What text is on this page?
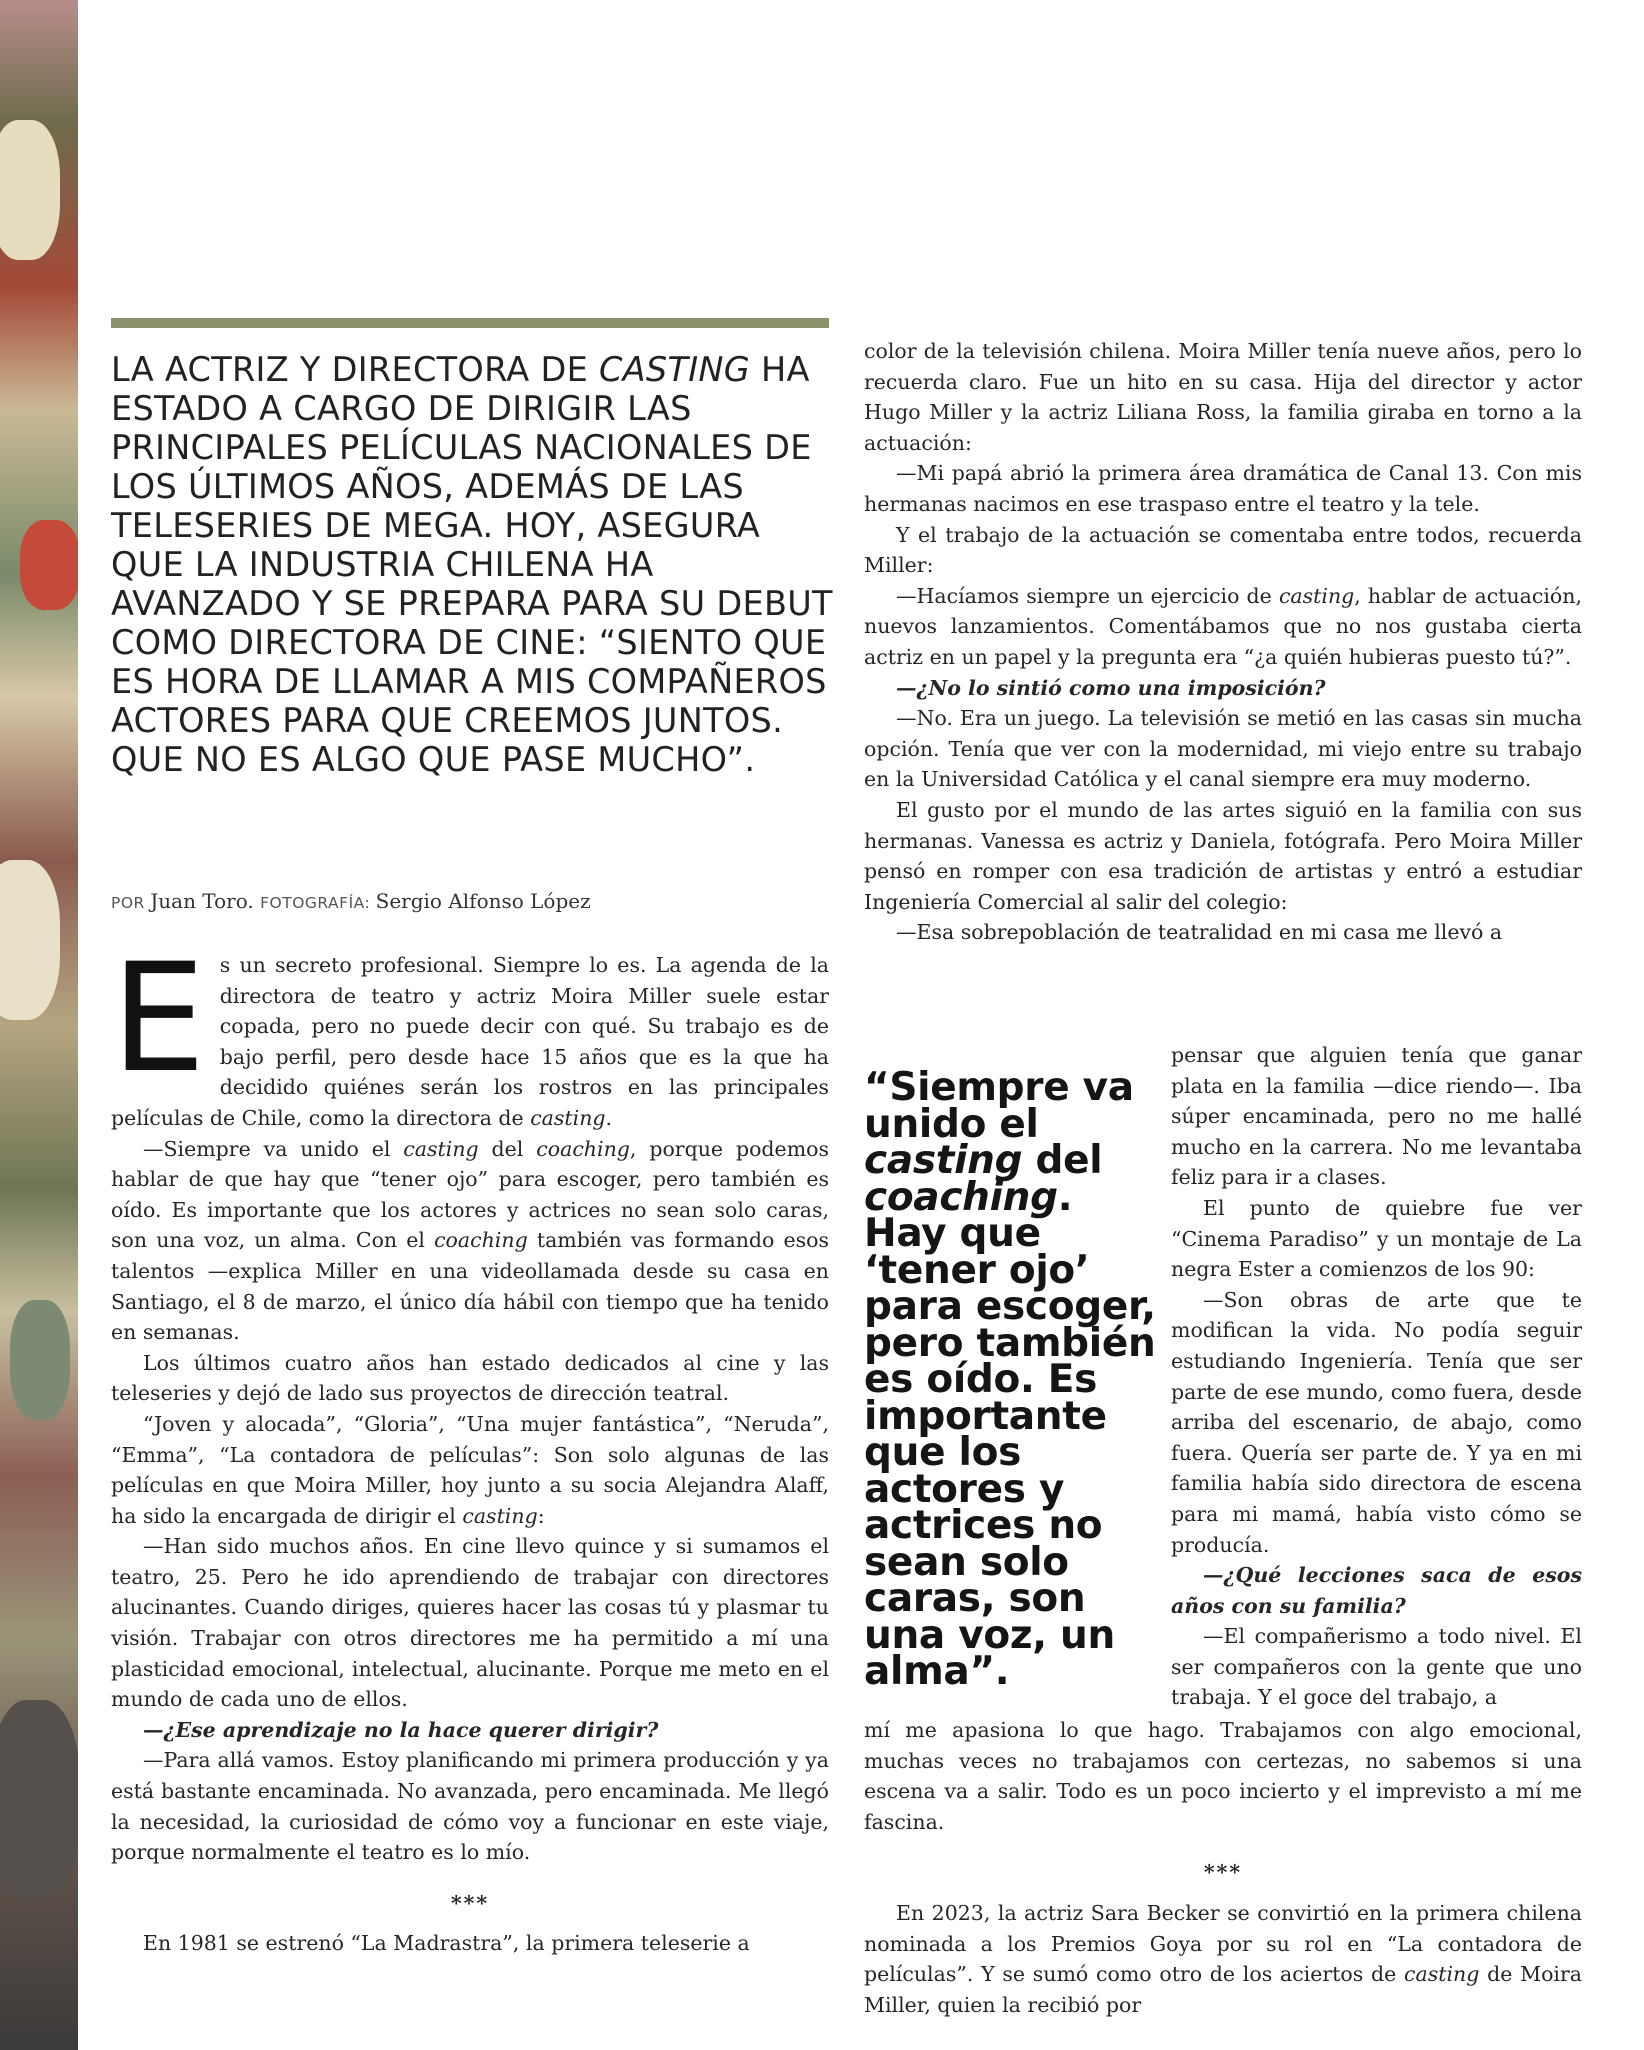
LA ACTRIZ Y DIRECTORA DE CASTING HA ESTADO A CARGO DE DIRIGIR LAS PRINCIPALES PELÍCULAS NACIONALES DE LOS ÚLTIMOS AÑOS, ADEMÁS DE LAS TELESERIES DE MEGA. HOY, ASEGURA QUE LA INDUSTRIA CHILENA HA AVANZADO Y SE PREPARA PARA SU DEBUT COMO DIRECTORA DE CINE: “SIENTO QUE ES HORA DE LLAMAR A MIS COMPAÑEROS ACTORES PARA QUE CREEMOS JUNTOS. QUE NO ES ALGO QUE PASE MUCHO”.
POR Juan Toro. FOTOGRAFÍA: Sergio Alfonso López

Es un secreto profesional. Siempre lo es. La agenda de la directora de teatro y actriz Moira Miller suele estar copada, pero no puede decir con qué. Su trabajo es de bajo perfil, pero desde hace 15 años que es la que ha decidido quiénes serán los rostros en las principales películas de Chile, como la directora de casting.

—Siempre va unido el casting del coaching, porque podemos hablar de que hay que “tener ojo” para escoger, pero también es oído. Es importante que los actores y actrices no sean solo caras, son una voz, un alma. Con el coaching también vas formando esos talentos —explica Miller en una videollamada desde su casa en Santiago, el 8 de marzo, el único día hábil con tiempo que ha tenido en semanas.

Los últimos cuatro años han estado dedicados al cine y las teleseries y dejó de lado sus proyectos de dirección teatral.

“Joven y alocada”, “Gloria”, “Una mujer fantástica”, “Neruda”, “Emma”, “La contadora de películas”: Son solo algunas de las películas en que Moira Miller, hoy junto a su socia Alejandra Alaff, ha sido la encargada de dirigir el casting:

—Han sido muchos años. En cine llevo quince y si sumamos el teatro, 25. Pero he ido aprendiendo de trabajar con directores alucinantes. Cuando diriges, quieres hacer las cosas tú y plasmar tu visión. Trabajar con otros directores me ha permitido a mí una plasticidad emocional, intelectual, alucinante. Porque me meto en el mundo de cada uno de ellos.

—¿Ese aprendizaje no la hace querer dirigir?

—Para allá vamos. Estoy planificando mi primera producción y ya está bastante encaminada. No avanzada, pero encaminada. Me llegó la necesidad, la curiosidad de cómo voy a funcionar en este viaje, porque normalmente el teatro es lo mío.

***

En 1981 se estrenó “La Madrastra”, la primera teleserie a

color de la televisión chilena. Moira Miller tenía nueve años, pero lo recuerda claro. Fue un hito en su casa. Hija del director y actor Hugo Miller y la actriz Liliana Ross, la familia giraba en torno a la actuación:

—Mi papá abrió la primera área dramática de Canal 13. Con mis hermanas nacimos en ese traspaso entre el teatro y la tele.

Y el trabajo de la actuación se comentaba entre todos, recuerda Miller:

—Hacíamos siempre un ejercicio de casting, hablar de actuación, nuevos lanzamientos. Comentábamos que no nos gustaba cierta actriz en un papel y la pregunta era “¿a quién hubieras puesto tú?”.

—¿No lo sintió como una imposición?

—No. Era un juego. La televisión se metió en las casas sin mucha opción. Tenía que ver con la modernidad, mi viejo entre su trabajo en la Universidad Católica y el canal siempre era muy moderno.

El gusto por el mundo de las artes siguió en la familia con sus hermanas. Vanessa es actriz y Daniela, fotógrafa. Pero Moira Miller pensó en romper con esa tradición de artistas y entró a estudiar Ingeniería Comercial al salir del colegio:

—Esa sobrepoblación de teatralidad en mi casa me llevó a

“Siempre va unido el casting del coaching. Hay que ‘tener ojo’ para escoger, pero también es oído. Es importante que los actores y actrices no sean solo caras, son una voz, un alma”.

pensar que alguien tenía que ganar plata en la familia —dice riendo—. Iba súper encaminada, pero no me hallé mucho en la carrera. No me levantaba feliz para ir a clases.

El punto de quiebre fue ver “Cinema Paradiso” y un montaje de La negra Ester a comienzos de los 90:

—Son obras de arte que te modifican la vida. No podía seguir estudiando Ingeniería. Tenía que ser parte de ese mundo, como fuera, desde arriba del escenario, de abajo, como fuera. Quería ser parte de. Y ya en mi familia había sido directora de escena para mi mamá, había visto cómo se producía.

—¿Qué lecciones saca de esos años con su familia?

—El compañerismo a todo nivel. El ser compañeros con la gente que uno trabaja. Y el goce del trabajo, a

mí me apasiona lo que hago. Trabajamos con algo emocional, muchas veces no trabajamos con certezas, no sabemos si una escena va a salir. Todo es un poco incierto y el imprevisto a mí me fascina.

***

En 2023, la actriz Sara Becker se convirtió en la primera chilena nominada a los Premios Goya por su rol en “La contadora de películas”. Y se sumó como otro de los aciertos de casting de Moira Miller, quien la recibió por
